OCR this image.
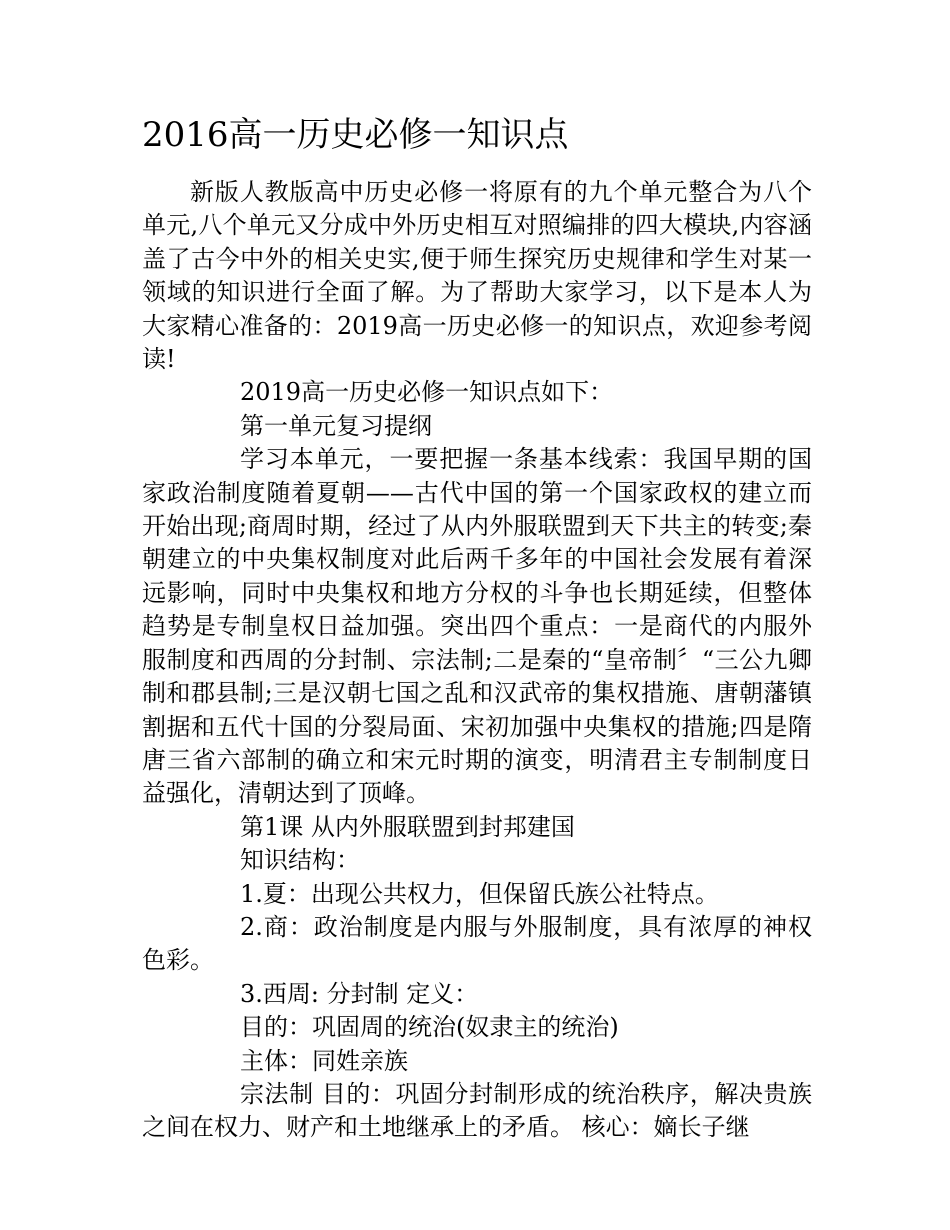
2016高一历史必修一知识点

新版人教版高中历史必修一将原有的九个单元整合为八个单元,八个单元又分成中外历史相互对照编排的四大模块,内容涵盖了古今中外的相关史实,便于师生探究历史规律和学生对某一领域的知识进行全面了解。为了帮助大家学习，以下是本人为大家精心准备的：2019高一历史必修一的知识点，欢迎参考阅读!

2019高一历史必修一知识点如下：

第一单元复习提纲

学习本单元，一要把握一条基本线索：我国早期的国家政治制度随着夏朝——古代中国的第一个国家政权的建立而开始出现;商周时期，经过了从内外服联盟到天下共主的转变;秦朝建立的中央集权制度对此后两千多年的中国社会发展有着深远影响，同时中央集权和地方分权的斗争也长期延续，但整体趋势是专制皇权日益加强。突出四个重点：一是商代的内服外服制度和西周的分封制、宗法制;二是秦的“皇帝制〞“三公九卿制和郡县制;三是汉朝七国之乱和汉武帝的集权措施、唐朝藩镇割据和五代十国的分裂局面、宋初加强中央集权的措施;四是隋唐三省六部制的确立和宋元时期的演变，明清君主专制制度日益强化，清朝达到了顶峰。

第1课 从内外服联盟到封邦建国

知识结构：

1.夏：出现公共权力，但保留氏族公社特点。

2.商：政治制度是内服与外服制度，具有浓厚的神权色彩。

3.西周: 分封制 定义：

目的：巩固周的统治(奴隶主的统治)

主体：同姓亲族

宗法制 目的：巩固分封制形成的统治秩序，解决贵族之间在权力、财产和土地继承上的矛盾。 核心：嫡长子继
